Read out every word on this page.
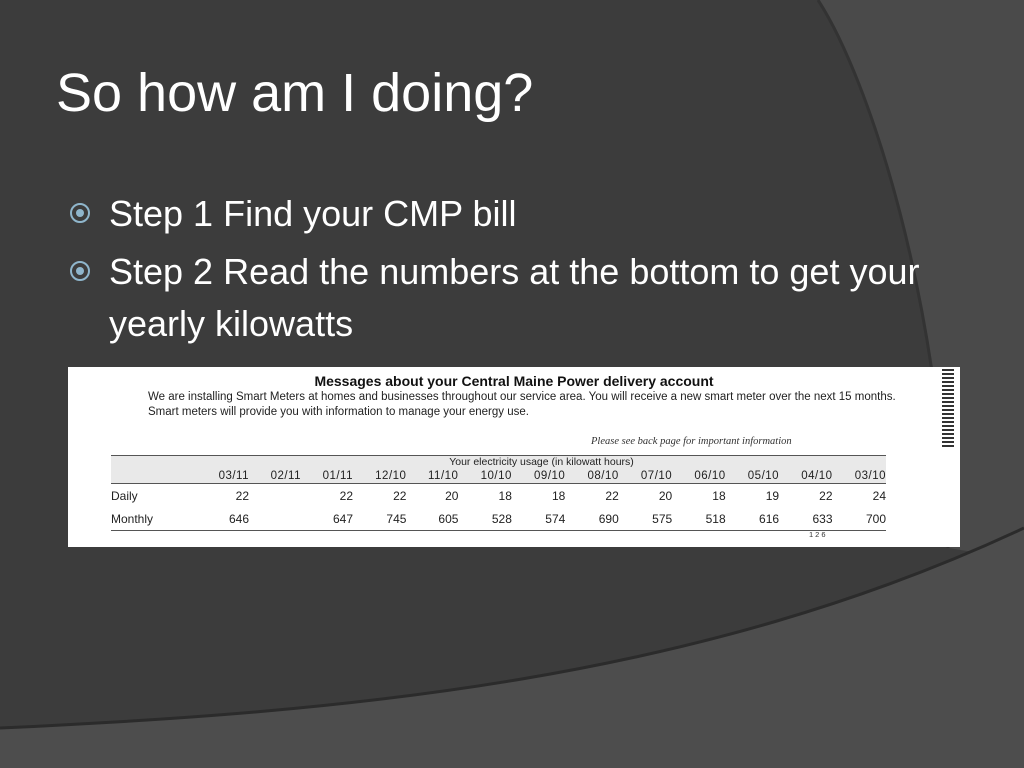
So how am I doing?
Step 1 Find your CMP bill
Step 2 Read the numbers at the bottom to get your yearly kilowatts
Messages about your Central Maine Power delivery account
We are installing Smart Meters at homes and businesses throughout our service area. You will receive a new smart meter over the next 15 months. Smart meters will provide you with information to manage your energy use.
Please see back page for important information
	Your electricity usage (in kilowatt hours)												
	03/11	02/11	01/11	12/10	11/10	10/10	09/10	08/10	07/10	06/10	05/10	04/10	03/10
Daily	22		22	22	20	18	18	22	20	18	19	22	24
Monthly	646		647	745	605	528	574	690	575	518	616	633	700
126
